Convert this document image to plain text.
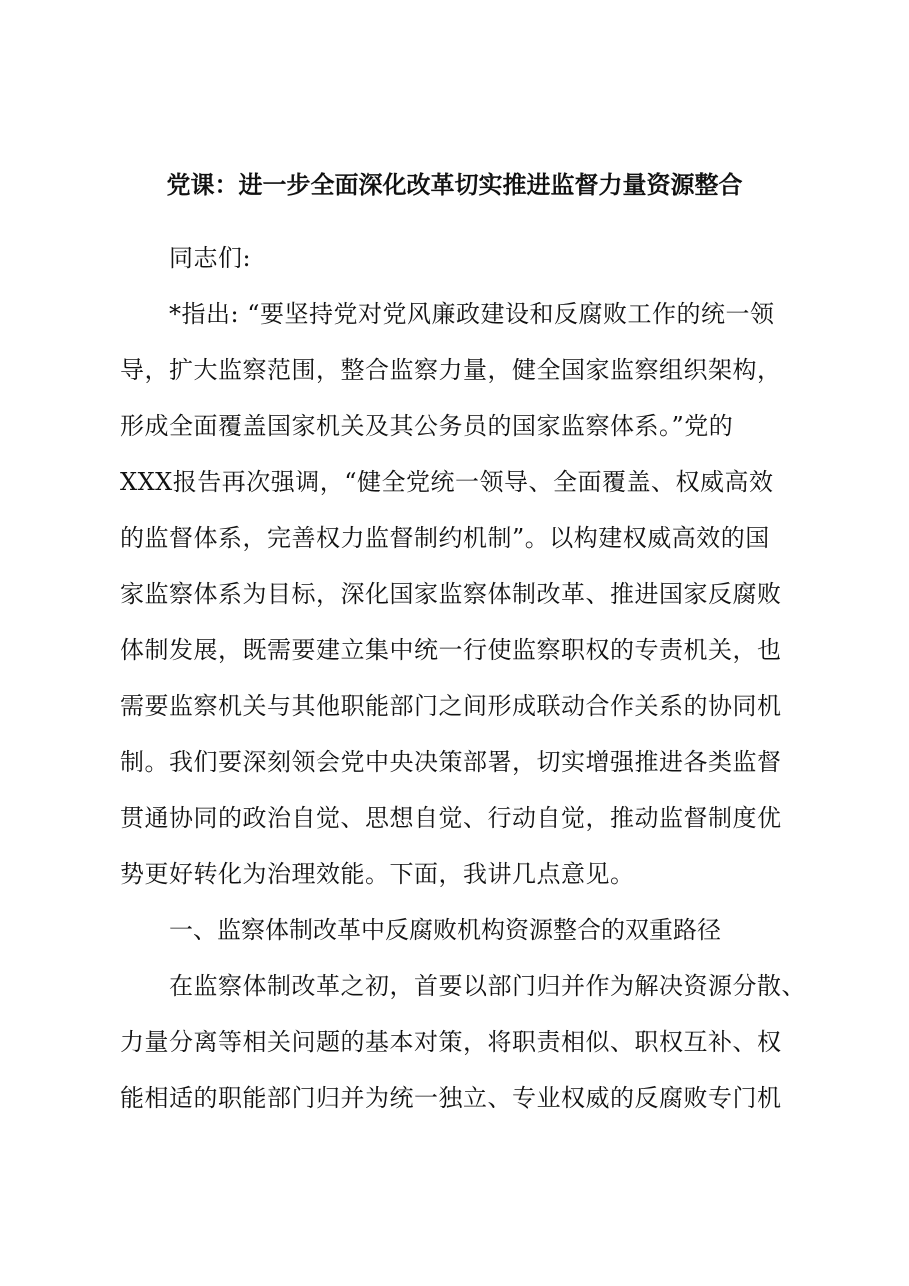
党课：进一步全面深化改革切实推进监督力量资源整合
同志们:
*指出: “要坚持党对党风廉政建设和反腐败工作的统一领
导，扩大监察范围，整合监察力量，健全国家监察组织架构，
形成全面覆盖国家机关及其公务员的国家监察体系。”党的
XXX报告再次强调，“健全党统一领导、全面覆盖、权威高效
的监督体系，完善权力监督制约机制”。以构建权威高效的国
家监察体系为目标，深化国家监察体制改革、推进国家反腐败
体制发展，既需要建立集中统一行使监察职权的专责机关，也
需要监察机关与其他职能部门之间形成联动合作关系的协同机
制。我们要深刻领会党中央决策部署，切实增强推进各类监督
贯通协同的政治自觉、思想自觉、行动自觉，推动监督制度优
势更好转化为治理效能。下面，我讲几点意见。
一、监察体制改革中反腐败机构资源整合的双重路径
在监察体制改革之初，首要以部门归并作为解决资源分散、
力量分离等相关问题的基本对策，将职责相似、职权互补、权
能相适的职能部门归并为统一独立、专业权威的反腐败专门机
